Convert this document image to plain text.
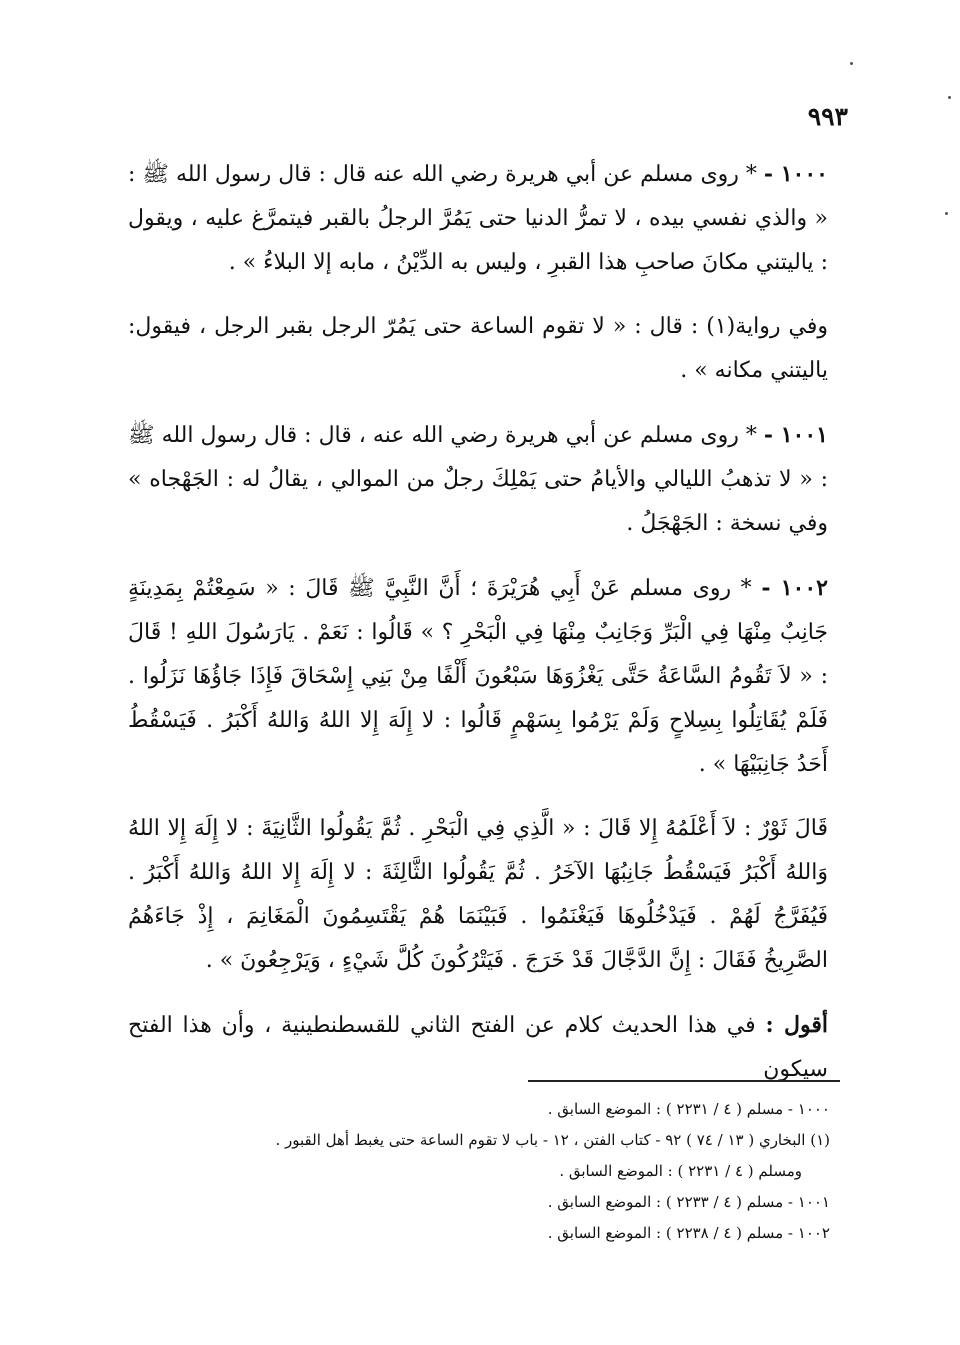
٩٩٣

١٠٠٠ - * روى مسلم عن أبي هريرة رضي الله عنه قال : قال رسول الله ﷺ : « والذي نفسي بيده ، لا تمرُّ الدنيا حتى يَمُرَّ الرجلُ بالقبر فيتمرَّغ عليه ، ويقول : ياليتني مكانَ صاحبِ هذا القبرِ ، وليس به الدِّيْنُ ، مابه إلا البلاءُ » .

وفي رواية(١) : قال : « لا تقوم الساعة حتى يَمُرّ الرجل بقبر الرجل ، فيقول: ياليتني مكانه » .

١٠٠١ - * روى مسلم عن أبي هريرة رضي الله عنه ، قال : قال رسول الله ﷺ : « لا تذهبُ الليالي والأيامُ حتى يَمْلِكَ رجلٌ من الموالي ، يقالُ له : الجَهْجاه » وفي نسخة : الجَهْجَلُ .

١٠٠٢ - * روى مسلم عَنْ أَبِي هُرَيْرَةَ ؛ أَنَّ النَّبِيَّ ﷺ قَالَ : « سَمِعْتُمْ بِمَدِينَةٍ جَانِبٌ مِنْهَا فِي الْبَرِّ وَجَانِبٌ مِنْهَا فِي الْبَحْرِ ؟ » قَالُوا : نَعَمْ . يَارَسُولَ اللهِ ! قَالَ : « لاَ تَقُومُ السَّاعَةُ حَتَّى يَغْزُوَهَا سَبْعُونَ أَلْفًا مِنْ بَنِي إِسْحَاقَ فَإِذَا جَاؤُهَا نَزَلُوا . فَلَمْ يُقَاتِلُوا بِسِلاحٍ وَلَمْ يَرْمُوا بِسَهْمٍ قَالُوا : لا إِلَهَ إِلا اللهُ وَاللهُ أَكْبَرُ . فَيَسْقُطُ أَحَدُ جَانِبَيْهَا » .

قَالَ ثَوْرٌ : لاَ أَعْلَمُهُ إِلا قَالَ : « الَّذِي فِي الْبَحْرِ . ثُمَّ يَقُولُوا الثَّانِيَةَ : لا إِلَهَ إِلا اللهُ وَاللهُ أَكْبَرُ فَيَسْقُطُ جَانِبُهَا الآخَرُ . ثُمَّ يَقُولُوا الثَّالِثَةَ : لا إِلَهَ إِلا اللهُ وَاللهُ أَكْبَرُ . فَيُفَرَّجُ لَهُمْ . فَيَدْخُلُوهَا فَيَغْنَمُوا . فَبَيْنَمَا هُمْ يَقْتَسِمُونَ الْمَغَانِمَ ، إِذْ جَاءَهُمُ الصَّرِيخُ فَقَالَ : إِنَّ الدَّجَّالَ قَدْ خَرَجَ . فَيَتْرُكُونَ كُلَّ شَيْءٍ ، وَيَرْجِعُونَ » .

أقول : في هذا الحديث كلام عن الفتح الثاني للقسطنطينية ، وأن هذا الفتح سيكون

١٠٠٠ - مسلم ( ٤ / ٢٢٣١ ) : الموضع السابق .

(١) البخاري ( ١٣ / ٧٤ ) ٩٢ - كتاب الفتن ، ١٢ - باب لا تقوم الساعة حتى يغبط أهل القبور .

ومسلم ( ٤ / ٢٢٣١ ) : الموضع السابق .

١٠٠١ - مسلم ( ٤ / ٢٢٣٣ ) : الموضع السابق .

١٠٠٢ - مسلم ( ٤ / ٢٢٣٨ ) : الموضع السابق .
